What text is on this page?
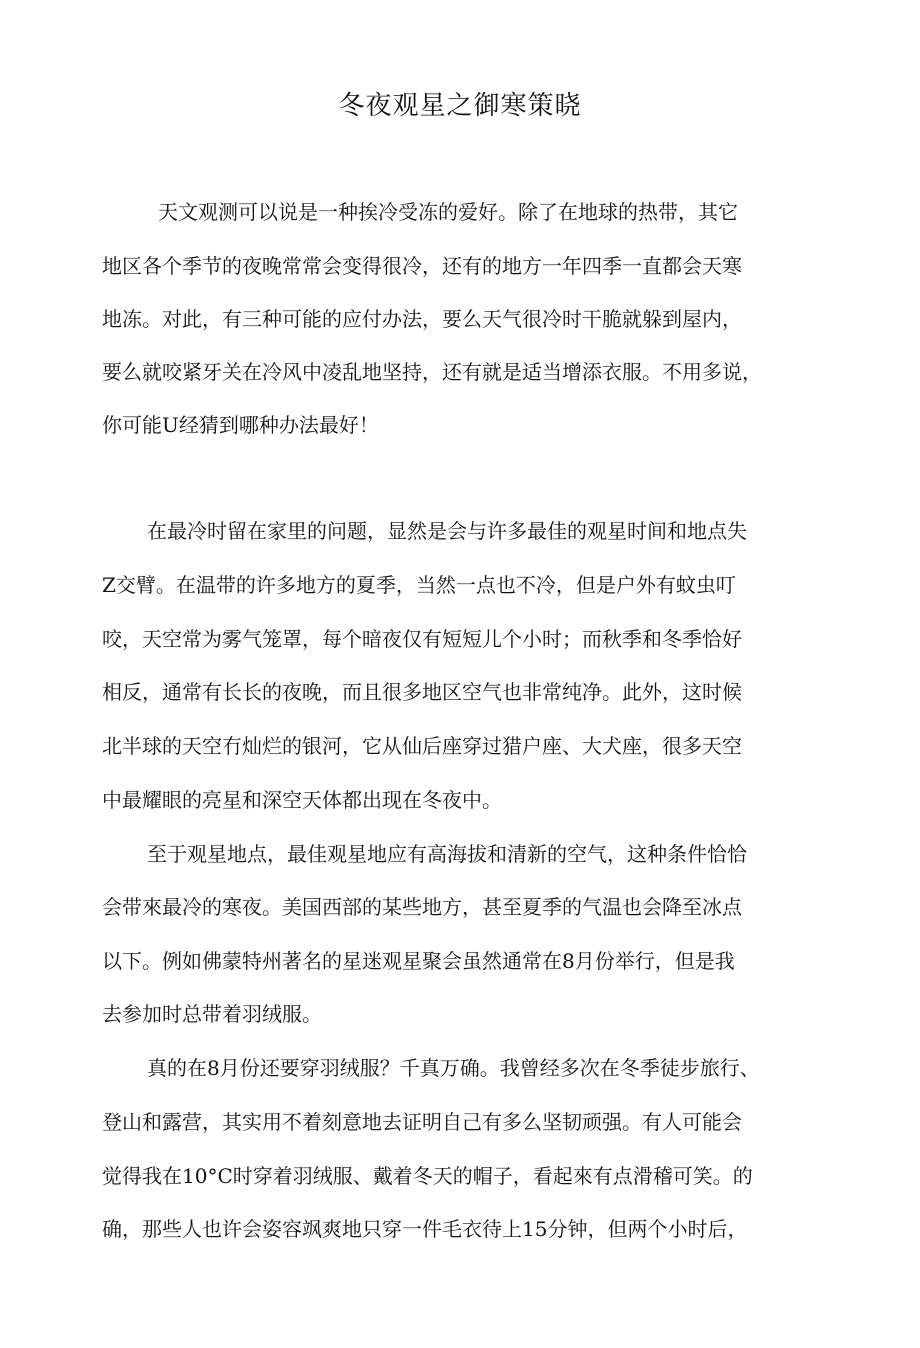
冬夜观星之御寒策晓
天文观测可以说是一种挨冷受冻的爱好。除了在地球的热带，其它
地区各个季节的夜晚常常会变得很冷，还有的地方一年四季一直都会天寒
地冻。对此，有三种可能的应付办法，要么天气很冷时干脆就躲到屋内，
要么就咬紧牙关在冷风中凌乱地坚持，还有就是适当增添衣服。不用多说，
你可能U经猜到哪种办法最好！
在最冷时留在家里的问题，显然是会与许多最佳的观星时间和地点失
Z交臂。在温带的许多地方的夏季，当然一点也不冷，但是户外有蚊虫叮
咬，天空常为雾气笼罩，每个暗夜仅有短短儿个小时；而秋季和冬季恰好
相反，通常有长长的夜晚，而且很多地区空气也非常纯净。此外，这时候
北半球的天空冇灿烂的银河，它从仙后座穿过猎户座、大犬座，很多天空
中最耀眼的亮星和深空天体都出现在冬夜中。
至于观星地点，最佳观星地应有高海拔和清新的空气，这种条件恰恰
会带來最冷的寒夜。美国西部的某些地方，甚至夏季的气温也会降至冰点
以下。例如佛蒙特州著名的星迷观星聚会虽然通常在8月份举行，但是我
去参加时总带着羽绒服。
真的在8月份还要穿羽绒服？千真万确。我曾经多次在冬季徒步旅行、
登山和露营，其实用不着刻意地去证明自己有多么坚韧顽强。有人可能会
觉得我在10°C时穿着羽绒服、戴着冬天的帽子，看起來有点滑稽可笑。的
确，那些人也许会姿容飒爽地只穿一件毛衣待上15分钟，但两个小时后，
